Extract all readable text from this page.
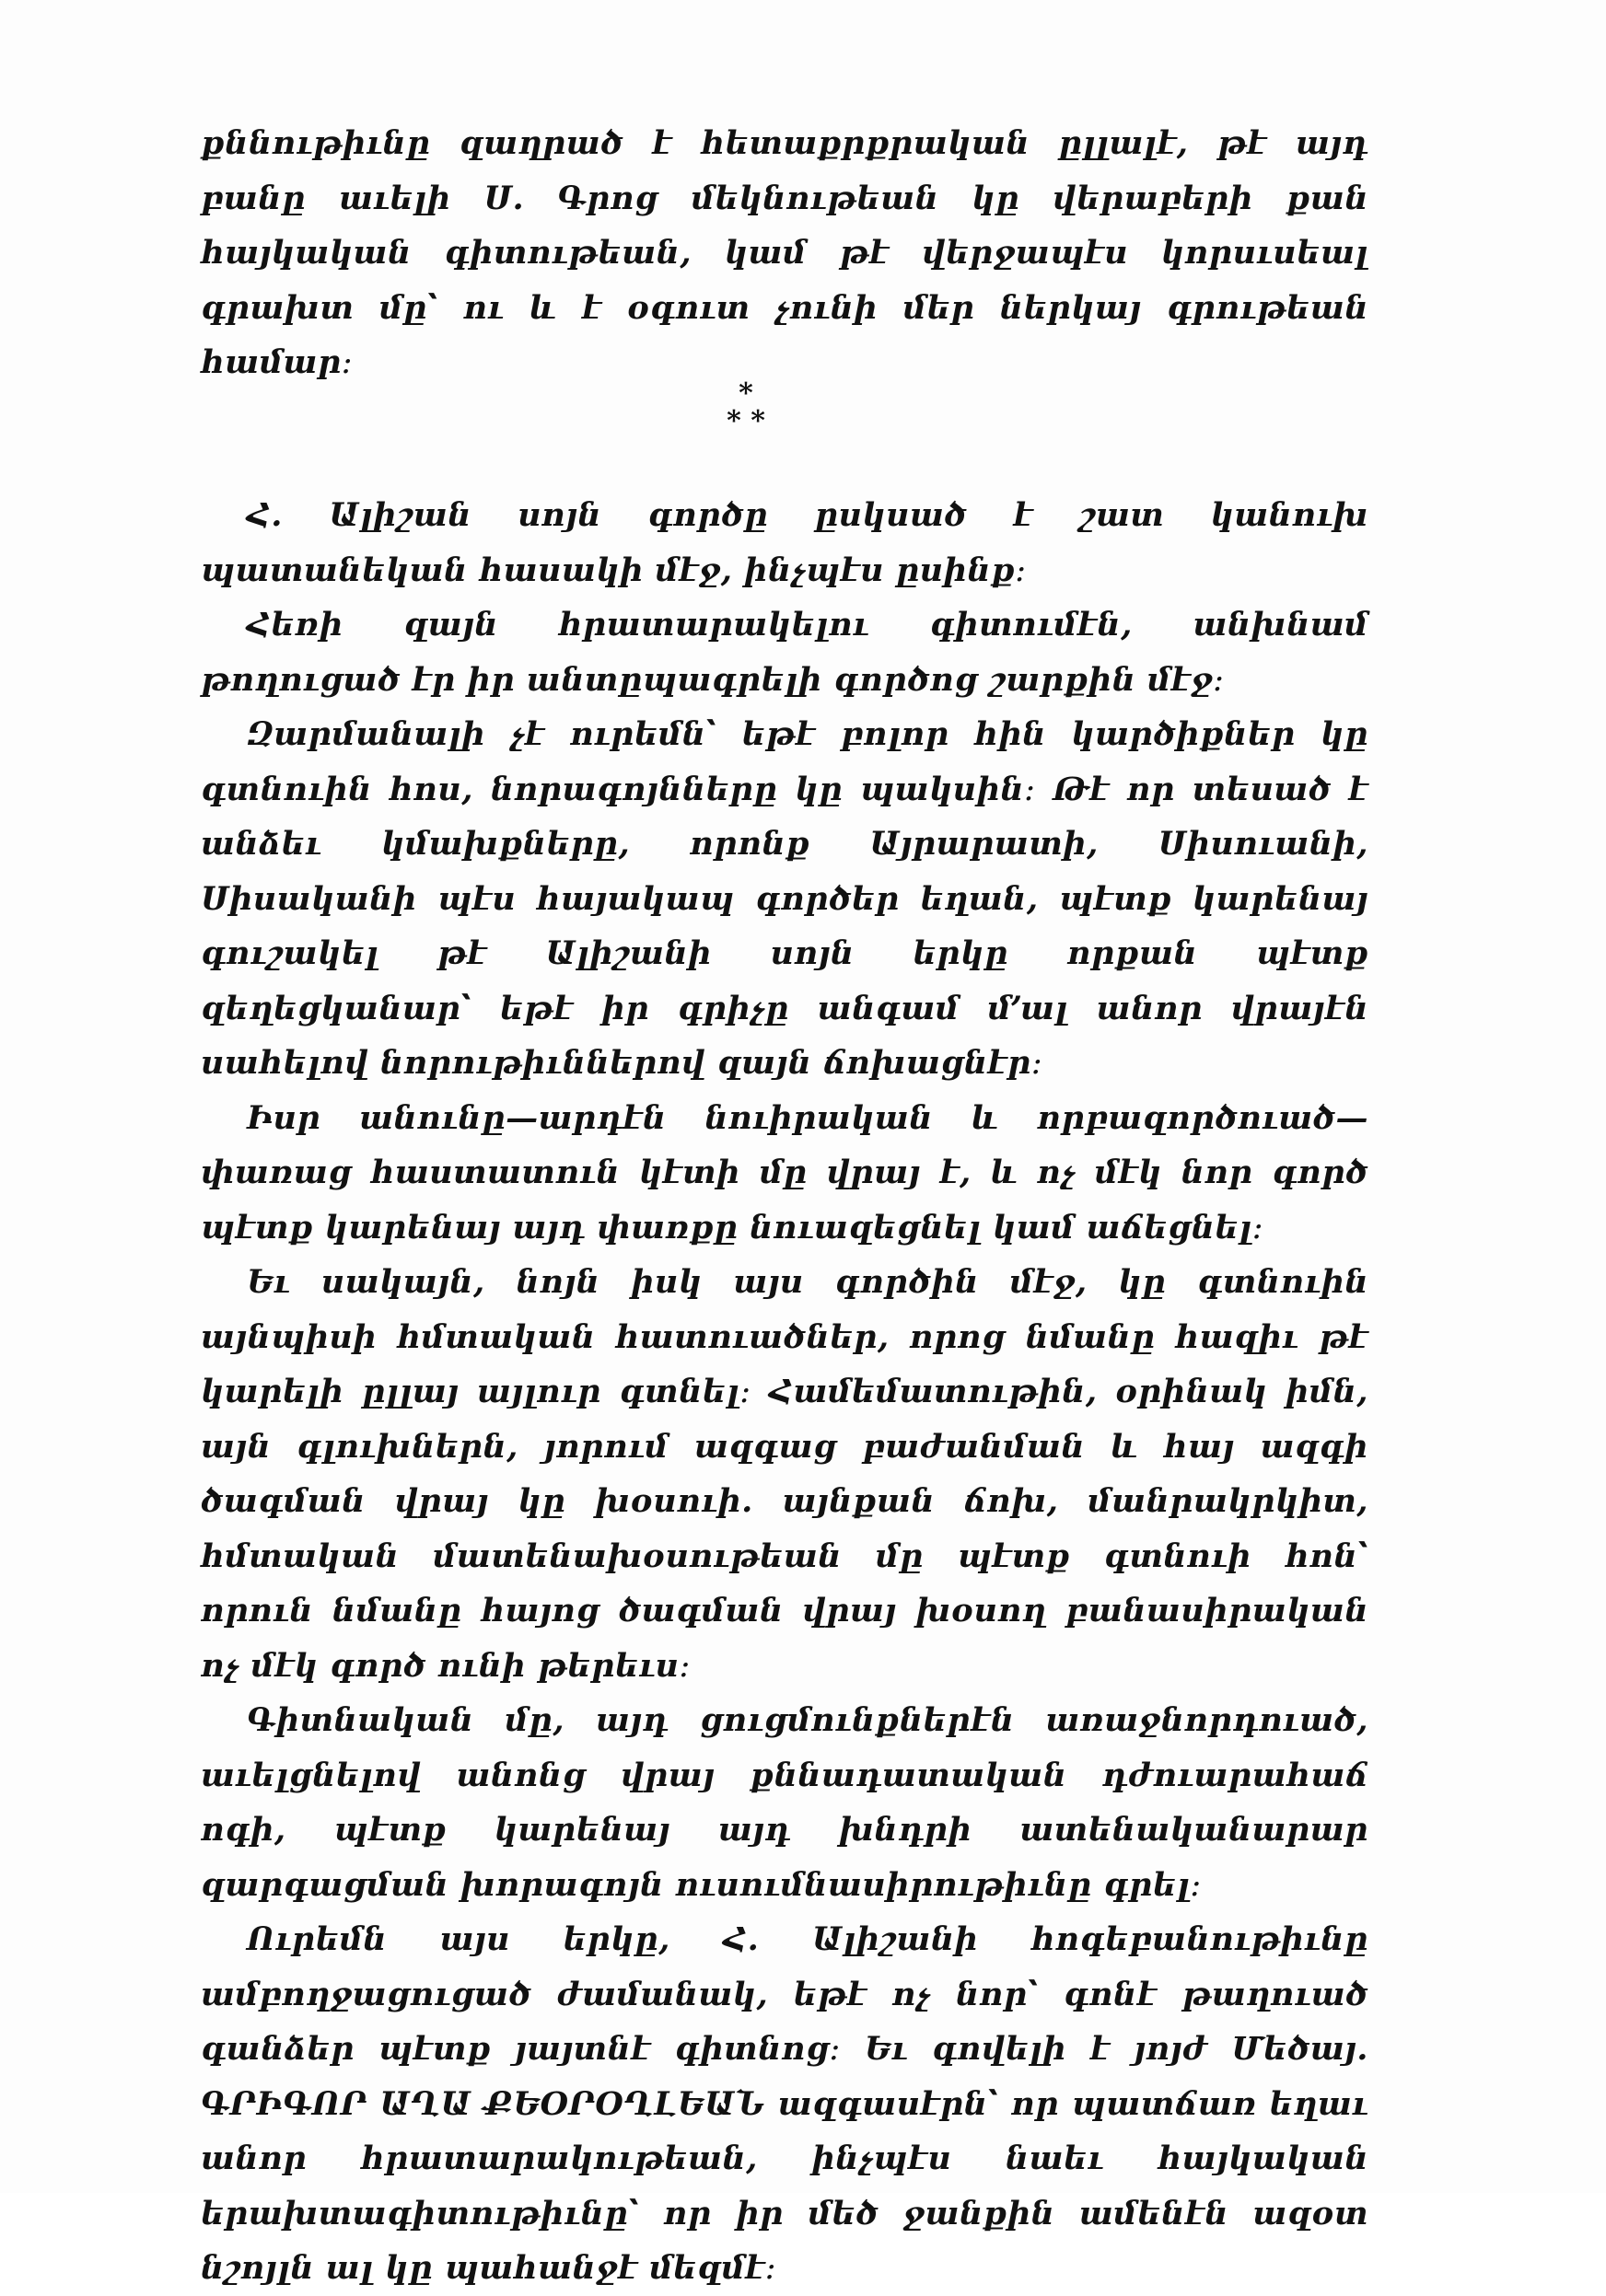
քննութիւնը զաղրած է հետաքրքրական ըլլալէ, թէ այդ բանը աւելի Ս. Գրոց մեկնութեան կը վերաբերի քան հայկական գիտութեան, կամ թէ վերջապէս կորսւսեալ գրախտ մը՝ ու և է օգուտ չունի մեր ներկայ գրութեան համար։

*
* *

Հ. Ալիշան սոյն գործը ըսկսած է շատ կանուխ պատանեկան հասակի մէջ, ինչպէս ըսինք։

Հեռի զայն հրատարակելու գիտումէն, անխնամ թողուցած էր իր անտըպագրելի գործոց շարքին մէջ։

Զարմանալի չէ ուրեմն՝ եթէ բոլոր հին կարծիքներ կը գտնուին հոս, նորագոյնները կը պակսին։ Թէ որ տեսած է անձեւ կմախքները, որոնք Այրարատի, Սիսուանի, Սիսականի պէս հայակապ գործեր եղան, պէտք կարենայ գուշակել թէ Ալիշանի սոյն երկը որքան պէտք զեղեցկանար՝ եթէ իր գրիչը անգամ մ՚ալ անոր վրայէն սահելով նորութիւններով զայն ճոխացնէր։

Իսր անունը—արդէն նուիրական և որբազործուած—փառաց հաստատուն կէտի մը վրայ է, և ոչ մէկ նոր գործ պէտք կարենայ այդ փառքը նուազեցնել կամ աճեցնել։

Եւ սակայն, նոյն իսկ այս գործին մէջ, կը գտնուին այնպիսի հմտական հատուածներ, որոց նմանը հազիւ թէ կարելի ըլլայ այլուր գտնել։ Համեմատութին, օրինակ իմն, այն գլուխներն, յորում ազգաց բաժանման և հայ ազգի ծագման վրայ կը խօսուի. այնքան ճոխ, մանրակրկիտ, հմտական մատենախօսութեան մը պէտք գտնուի հոն՝ որուն նմանը հայոց ծագման վրայ խօսող բանասիրական ոչ մէկ գործ ունի թերեւս։

Գիտնական մը, այդ ցուցմունքներէն առաջնորդուած, աւելցնելով անոնց վրայ քննադատական դժուարահաճ ոգի, պէտք կարենայ այդ խնդրի ատենականարար զարգացման խորագոյն ուսումնասիրութիւնը գրել։

Ուրեմն այս երկը, Հ. Ալիշանի հոգեբանութիւնը ամբողջացուցած ժամանակ, եթէ ոչ նոր՝ գոնէ թաղուած գանձեր պէտք յայտնէ գիտնոց։ Եւ գովելի է յոյժ Մեծայ. ԳՐԻԳՈՐ ԱՂԱ ՔԵՕՐՕՂԼԵԱՆ ազգասէրն՝ որ պատճառ եղաւ անոր հրատարակութեան, ինչպէս նաեւ հայկական երախտագիտութիւնը՝ որ իր մեծ ջանքին ամենէն ազօտ նշոյլն ալ կը պահանջէ մեզմէ։
